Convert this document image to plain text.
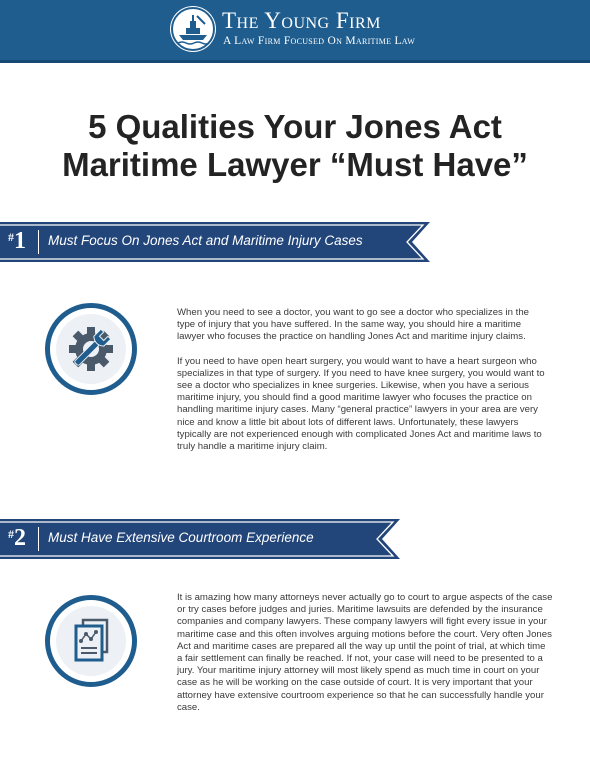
The Young Firm
A Law Firm Focused On Maritime Law
5 Qualities Your Jones Act
Maritime Lawyer “Must Have”
#1 Must Focus On Jones Act and Maritime Injury Cases

When you need to see a doctor, you want to go see a doctor who specializes in the type of injury that you have suffered. In the same way, you should hire a maritime lawyer who focuses the practice on handling Jones Act and maritime injury claims.

If you need to have open heart surgery, you would want to have a heart surgeon who specializes in that type of surgery. If you need to have knee surgery, you would want to see a doctor who specializes in knee surgeries. Likewise, when you have a serious maritime injury, you should find a good maritime lawyer who focuses the practice on handling maritime injury cases. Many “general practice” lawyers in your area are very nice and know a little bit about lots of different laws. Unfortunately, these lawyers typically are not experienced enough with complicated Jones Act and maritime laws to truly handle a maritime injury claim.

#2 Must Have Extensive Courtroom Experience

It is amazing how many attorneys never actually go to court to argue aspects of the case or try cases before judges and juries. Maritime lawsuits are defended by the insurance companies and company lawyers. These company lawyers will fight every issue in your maritime case and this often involves arguing motions before the court. Very often Jones Act and maritime cases are prepared all the way up until the point of trial, at which time a fair settlement can finally be reached. If not, your case will need to be presented to a jury. Your maritime injury attorney will most likely spend as much time in court on your case as he will be working on the case outside of court. It is very important that your attorney have extensive courtroom experience so that he can successfully handle your case.
